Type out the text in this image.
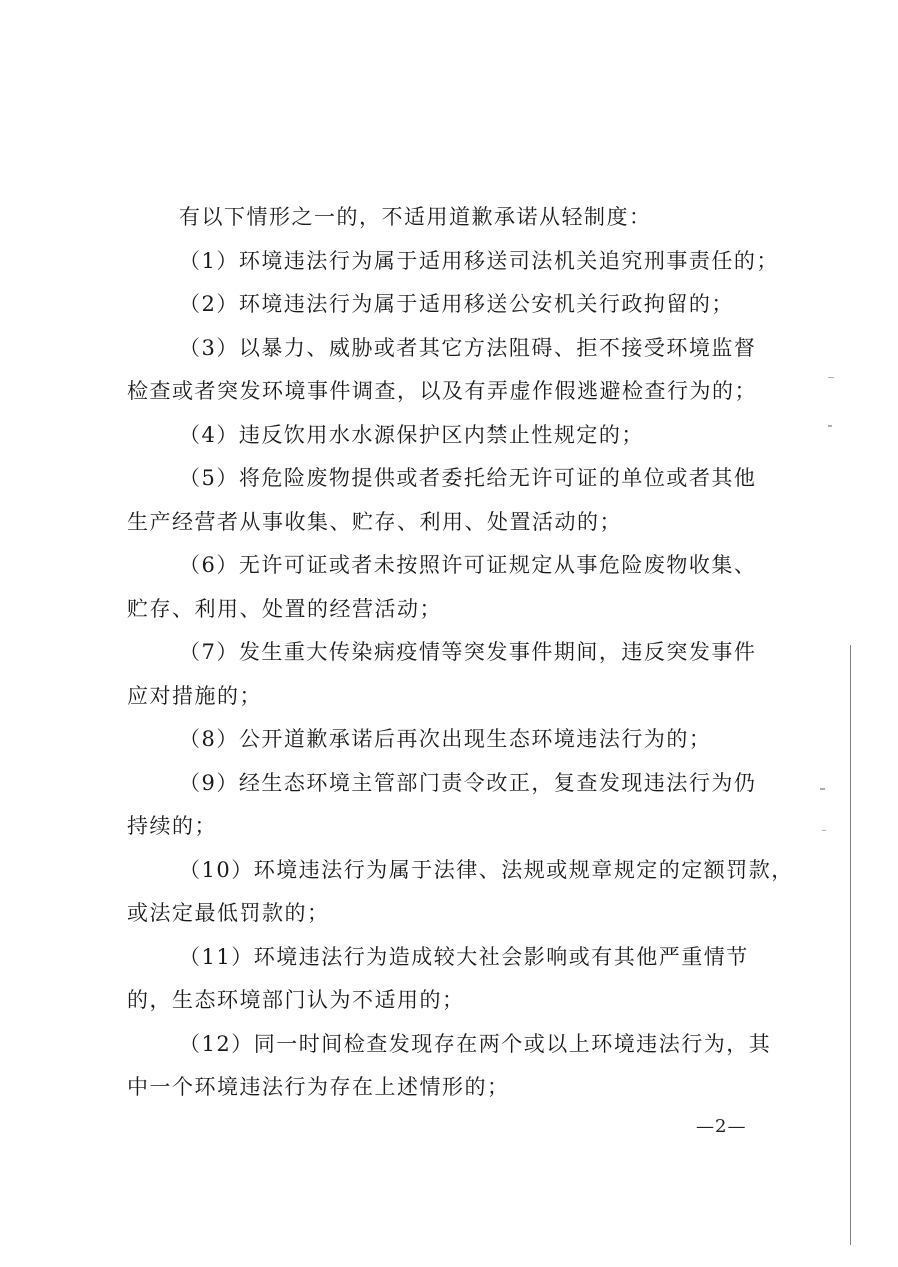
有以下情形之一的，不适用道歉承诺从轻制度：
（1）环境违法行为属于适用移送司法机关追究刑事责任的；
（2）环境违法行为属于适用移送公安机关行政拘留的；
（3）以暴力、威胁或者其它方法阻碍、拒不接受环境监督
检查或者突发环境事件调查，以及有弄虚作假逃避检查行为的；
（4）违反饮用水水源保护区内禁止性规定的；
（5）将危险废物提供或者委托给无许可证的单位或者其他
生产经营者从事收集、贮存、利用、处置活动的；
（6）无许可证或者未按照许可证规定从事危险废物收集、
贮存、利用、处置的经营活动；
（7）发生重大传染病疫情等突发事件期间，违反突发事件
应对措施的；
（8）公开道歉承诺后再次出现生态环境违法行为的；
（9）经生态环境主管部门责令改正，复查发现违法行为仍
持续的；
（10）环境违法行为属于法律、法规或规章规定的定额罚款，
或法定最低罚款的；
（11）环境违法行为造成较大社会影响或有其他严重情节
的，生态环境部门认为不适用的；
（12）同一时间检查发现存在两个或以上环境违法行为，其
中一个环境违法行为存在上述情形的；
—2—
